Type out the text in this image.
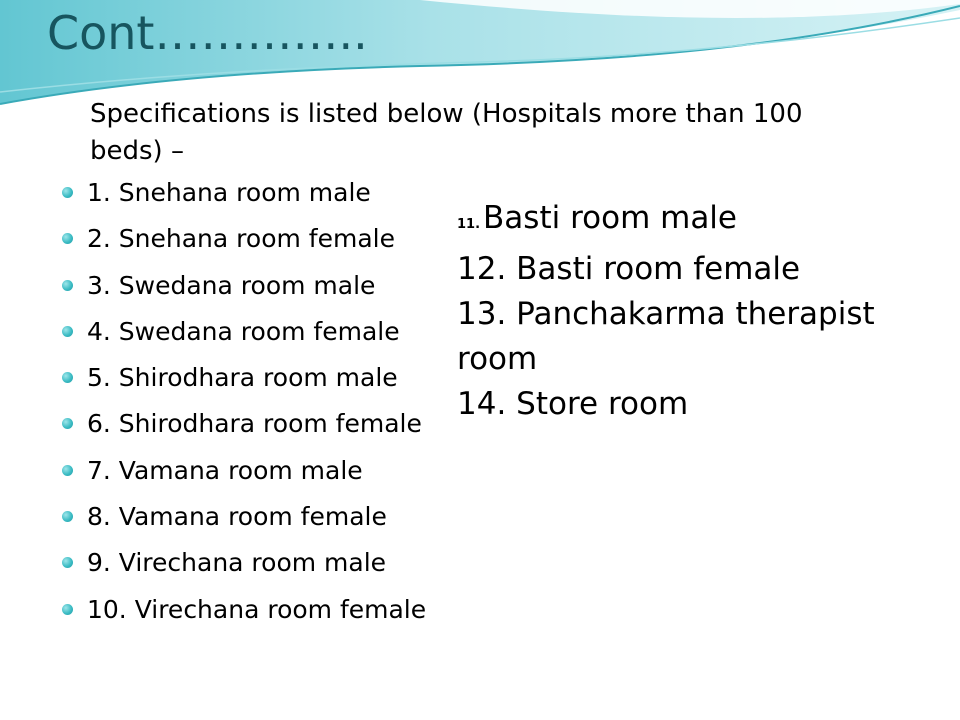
Cont…………..

Specifications is listed below (Hospitals more than 100 beds) –

1. Snehana room male
2. Snehana room female
3. Swedana room male
4. Swedana room female
5. Shirodhara room male
6. Shirodhara room female
7. Vamana room male
8. Vamana room female
9. Virechana room male
10. Virechana room female
11.Basti room male
12. Basti room female
13. Panchakarma therapist room
14. Store room
